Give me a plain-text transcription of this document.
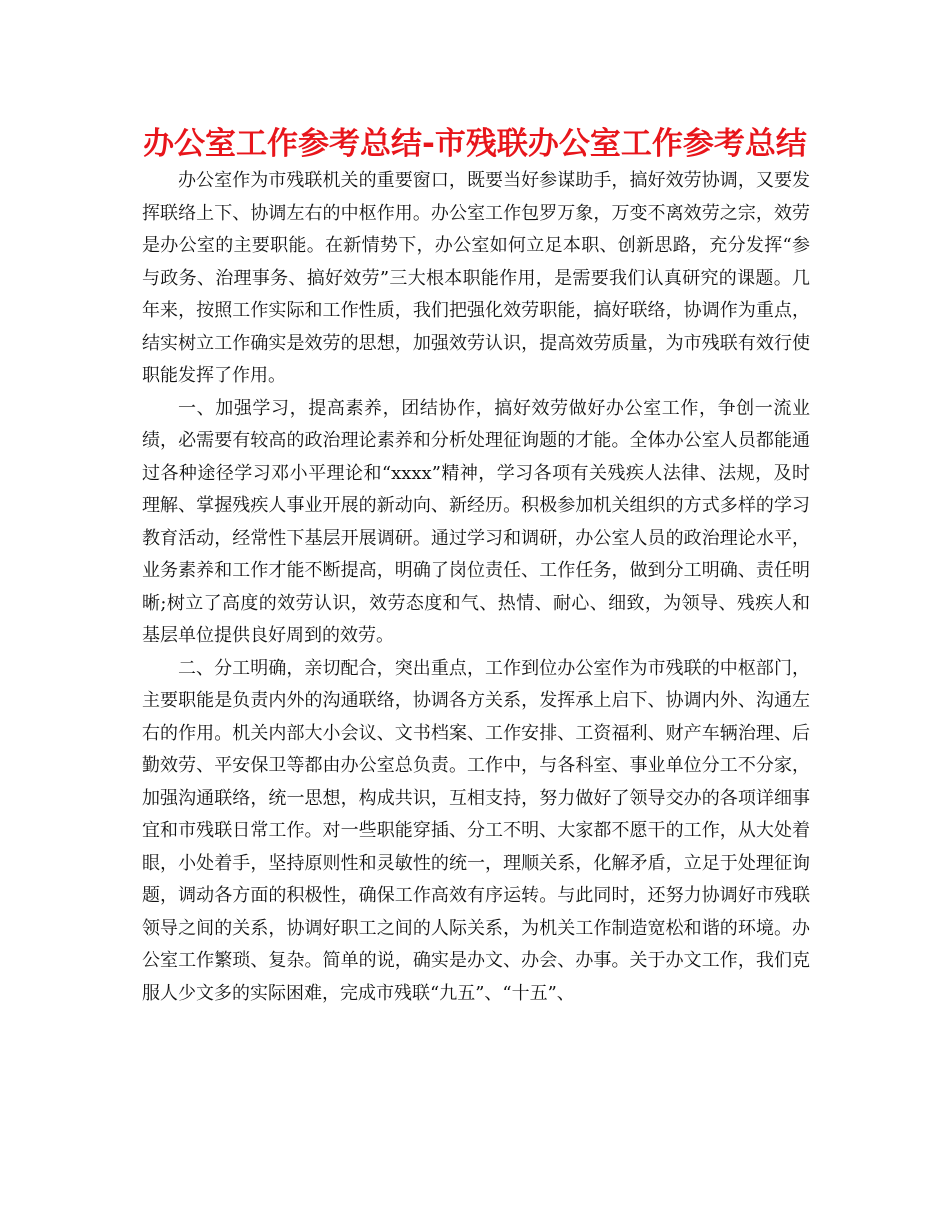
办公室工作参考总结-市残联办公室工作参考总结

办公室作为市残联机关的重要窗口，既要当好参谋助手，搞好效劳协调，又要发挥联络上下、协调左右的中枢作用。办公室工作包罗万象，万变不离效劳之宗，效劳是办公室的主要职能。在新情势下，办公室如何立足本职、创新思路，充分发挥“参与政务、治理事务、搞好效劳”三大根本职能作用，是需要我们认真研究的课题。几年来，按照工作实际和工作性质，我们把强化效劳职能，搞好联络，协调作为重点，结实树立工作确实是效劳的思想，加强效劳认识，提高效劳质量，为市残联有效行使职能发挥了作用。

一、加强学习，提高素养，团结协作，搞好效劳做好办公室工作，争创一流业绩，必需要有较高的政治理论素养和分析处理征询题的才能。全体办公室人员都能通过各种途径学习邓小平理论和“xxxx”精神，学习各项有关残疾人法律、法规，及时理解、掌握残疾人事业开展的新动向、新经历。积极参加机关组织的方式多样的学习教育活动，经常性下基层开展调研。通过学习和调研，办公室人员的政治理论水平，业务素养和工作才能不断提高，明确了岗位责任、工作任务，做到分工明确、责任明晰;树立了高度的效劳认识，效劳态度和气、热情、耐心、细致，为领导、残疾人和基层单位提供良好周到的效劳。

二、分工明确，亲切配合，突出重点，工作到位办公室作为市残联的中枢部门，主要职能是负责内外的沟通联络，协调各方关系，发挥承上启下、协调内外、沟通左右的作用。机关内部大小会议、文书档案、工作安排、工资福利、财产车辆治理、后勤效劳、平安保卫等都由办公室总负责。工作中，与各科室、事业单位分工不分家，加强沟通联络，统一思想，构成共识，互相支持，努力做好了领导交办的各项详细事宜和市残联日常工作。对一些职能穿插、分工不明、大家都不愿干的工作，从大处着眼，小处着手，坚持原则性和灵敏性的统一，理顺关系，化解矛盾，立足于处理征询题，调动各方面的积极性，确保工作高效有序运转。与此同时，还努力协调好市残联领导之间的关系，协调好职工之间的人际关系，为机关工作制造宽松和谐的环境。办公室工作繁琐、复杂。简单的说，确实是办文、办会、办事。关于办文工作，我们克服人少文多的实际困难，完成市残联“九五”、“十五”、
